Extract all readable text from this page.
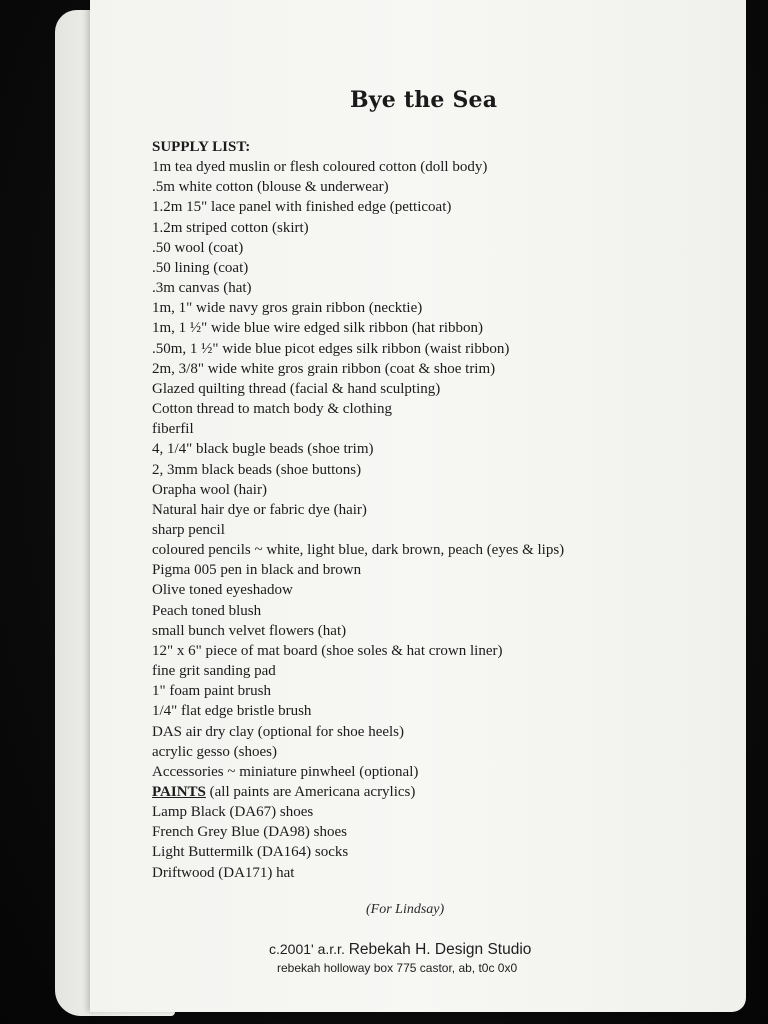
Bye the Sea
SUPPLY LIST:
1m tea dyed muslin or flesh coloured cotton (doll body)
.5m white cotton (blouse & underwear)
1.2m 15" lace panel with finished edge (petticoat)
1.2m striped cotton (skirt)
.50 wool (coat)
.50 lining (coat)
.3m canvas (hat)
1m, 1" wide navy gros grain ribbon (necktie)
1m, 1 ½" wide blue wire edged silk ribbon (hat ribbon)
.50m, 1 ½" wide blue picot edges silk ribbon (waist ribbon)
2m, 3/8" wide white gros grain ribbon (coat & shoe trim)
Glazed quilting thread (facial & hand sculpting)
Cotton thread to match body & clothing
fiberfil
4, 1/4" black bugle beads (shoe trim)
2, 3mm black beads (shoe buttons)
Orapha wool (hair)
Natural hair dye or fabric dye (hair)
sharp pencil
coloured pencils ~ white, light blue, dark brown, peach (eyes & lips)
Pigma 005 pen in black and brown
Olive toned eyeshadow
Peach toned blush
small bunch velvet flowers (hat)
12" x 6" piece of mat board (shoe soles & hat crown liner)
fine grit sanding pad
1" foam paint brush
1/4" flat edge bristle brush
DAS air dry clay (optional for shoe heels)
acrylic gesso (shoes)
Accessories ~ miniature pinwheel (optional)
PAINTS (all paints are Americana acrylics)
Lamp Black (DA67) shoes
French Grey Blue (DA98) shoes
Light Buttermilk (DA164) socks
Driftwood (DA171) hat
(For Lindsay)
c.2001' a.r.r. Rebekah H. Design Studio
rebekah holloway box 775 castor, ab, t0c 0x0
